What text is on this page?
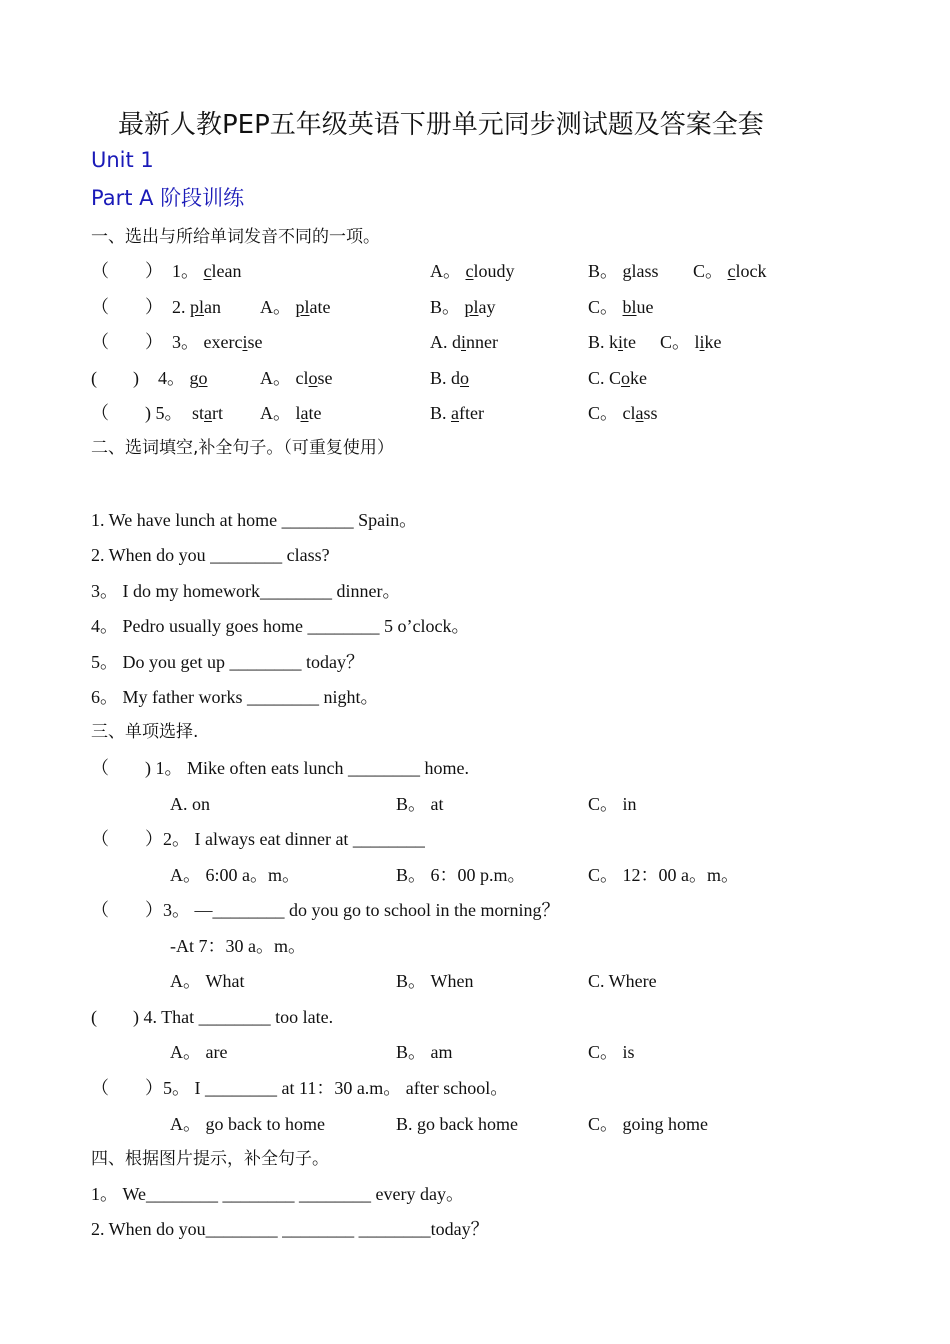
最新人教PEP五年级英语下册单元同步测试题及答案全套
Unit 1
Part A 阶段训练
一、选出与所给单词发音不同的一项。
（　　） 1。 clean	A。 cloudy	B。 glass C。 clock
（　　） 2. plan A。 plate	B。 play	C。 blue
（　　） 3。 exercise	A. dinner	B. kite C。 like
(　　) 4。 go	A。 close	B. do	C. Coke
（　　) 5。 start A。 late	B. after	C。 class
二、选词填空,补全句子。（可重复使用）
1. We have lunch at home ________ Spain。
2. When do you ________ class?
3。 I do my homework________ dinner。
4。 Pedro usually goes home ________ 5 o’clock。
5。 Do you get up ________ today？
6。 My father works ________ night。
三、单项选择.
（　　) 1。 Mike often eats lunch ________ home.
A. on	B。 at	C。 in
（　　）2。 I always eat dinner at ________
A。 6:00 a。m。	B。 6：00 p.m。	C。 12：00 a。m。
（　　）3。 —________ do you go to school in the morning？
-At 7：30 a。m。
A。 What	B。 When	C. Where
(　　) 4. That ________ too late.
A。 are	B。 am	C。 is
（　　）5。 I ________ at 11：30 a.m。 after school。
A。 go back to home	B. go back home	C。 going home
四、根据图片提示，补全句子。
1。 We________ ________ ________ every day。
2. When do you________ ________ ________today？
